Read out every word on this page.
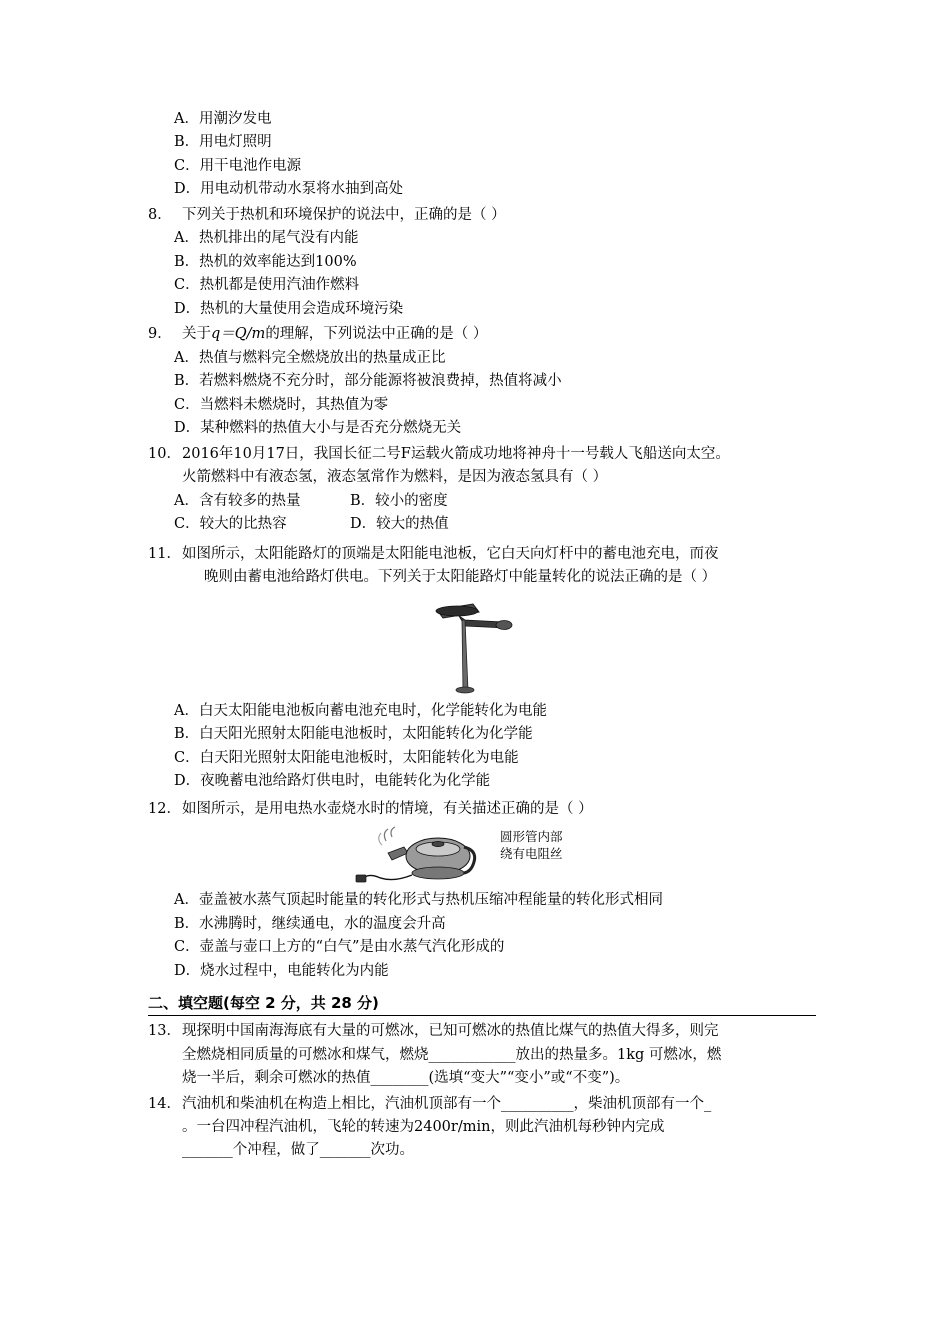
A．用潮汐发电
B．用电灯照明
C．用干电池作电源
D．用电动机带动水泵将水抽到高处
8． 下列关于热机和环境保护的说法中，正确的是（ ）
A．热机排出的尾气没有内能
B．热机的效率能达到100%
C．热机都是使用汽油作燃料
D．热机的大量使用会造成环境污染
9． 关于q＝Q/m的理解，下列说法中正确的是（ ）
A．热值与燃料完全燃烧放出的热量成正比
B．若燃料燃烧不充分时，部分能源将被浪费掉，热值将减小
C．当燃料未燃烧时，其热值为零
D．某种燃料的热值大小与是否充分燃烧无关
10． 2016年10月17日，我国长征二号F运载火箭成功地将神舟十一号载人飞船送向太空。
火箭燃料中有液态氢，液态氢常作为燃料，是因为液态氢具有（ ）
A．含有较多的热量	B．较小的密度
C．较大的比热容	D．较大的热值
11． 如图所示，太阳能路灯的顶端是太阳能电池板，它白天向灯杆中的蓄电池充电，而夜
晚则由蓄电池给路灯供电。下列关于太阳能路灯中能量转化的说法正确的是（ ）
A．白天太阳能电池板向蓄电池充电时，化学能转化为电能
B．白天阳光照射太阳能电池板时，太阳能转化为化学能
C．白天阳光照射太阳能电池板时，太阳能转化为电能
D．夜晚蓄电池给路灯供电时，电能转化为化学能
12． 如图所示，是用电热水壶烧水时的情境，有关描述正确的是（ ）
圆形管内部
绕有电阻丝
A．壶盖被水蒸气顶起时能量的转化形式与热机压缩冲程能量的转化形式相同
B．水沸腾时，继续通电，水的温度会升高
C．壶盖与壶口上方的“白气”是由水蒸气汽化形成的
D．烧水过程中，电能转化为内能
二、填空题(每空 2 分，共 28 分)
13． 现探明中国南海海底有大量的可燃冰，已知可燃冰的热值比煤气的热值大得多，则完
全燃烧相同质量的可燃冰和煤气，燃烧____________放出的热量多。1kg 可燃冰，燃
烧一半后，剩余可燃冰的热值________(选填“变大”“变小”或“不变”)。
14． 汽油机和柴油机在构造上相比，汽油机顶部有一个__________，柴油机顶部有一个_
。一台四冲程汽油机，飞轮的转速为2400r/min，则此汽油机每秒钟内完成
_______个冲程，做了_______次功。
